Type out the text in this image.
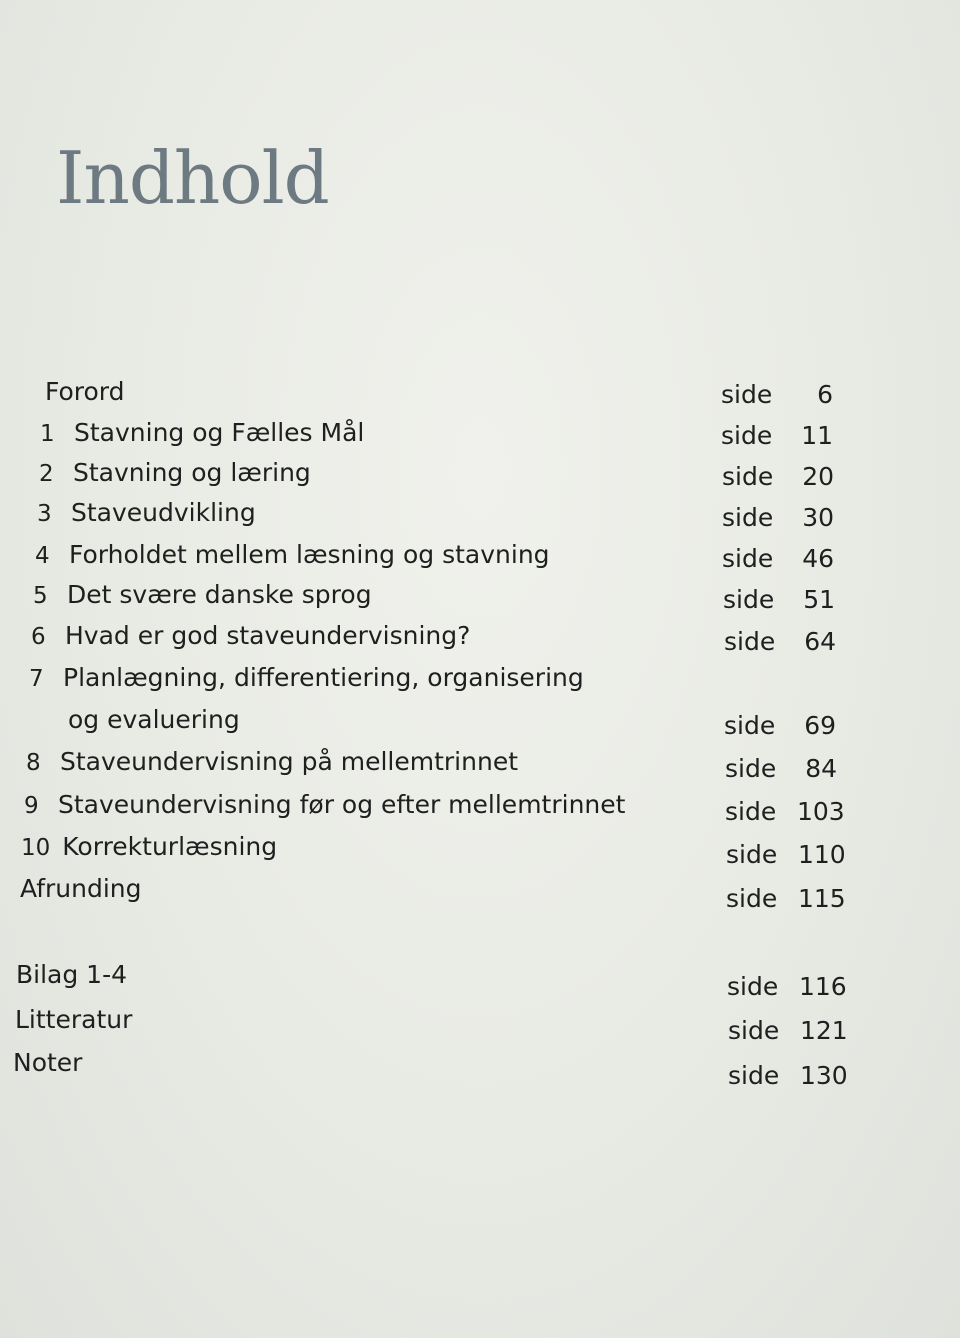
Indhold
Forord	side 6
1 Stavning og Fælles Mål	side 11
2 Stavning og læring	side 20
3 Staveudvikling	side 30
4 Forholdet mellem læsning og stavning	side 46
5 Det svære danske sprog	side 51
6 Hvad er god staveundervisning?	side 64
7 Planlægning, differentiering, organisering
og evaluering	side 69
8 Staveundervisning på mellemtrinnet	side 84
9 Staveundervisning før og efter mellemtrinnet	side 103
10 Korrekturlæsning	side 110
Afrunding	side 115
Bilag 1-4	side 116
Litteratur	side 121
Noter	side 130
